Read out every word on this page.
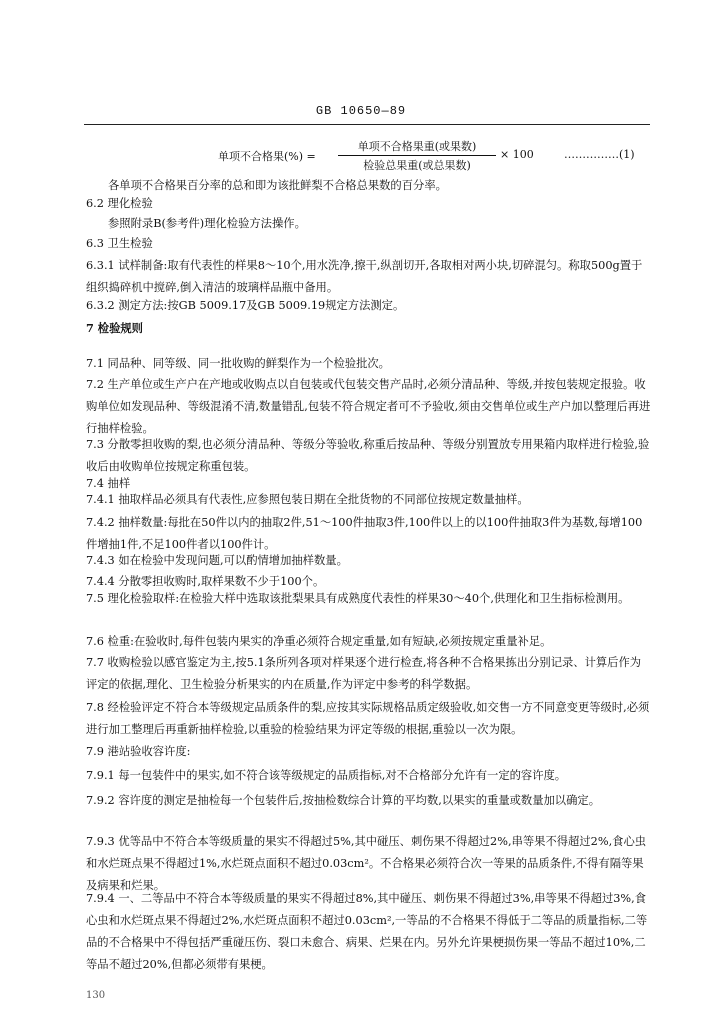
GB 10650—89
单项不合格果(%) =
单项不合格果重(或果数)
检验总果重(或总果数)
× 100	……………(1)
各单项不合格果百分率的总和即为该批鲜梨不合格总果数的百分率。
6.2 理化检验
参照附录B(参考件)理化检验方法操作。
6.3 卫生检验
6.3.1 试样制备:取有代表性的样果8～10个,用水洗净,擦干,纵剖切开,各取相对两小块,切碎混匀。称取500g置于组织捣碎机中搅碎,倒入清洁的玻璃样品瓶中备用。
6.3.2 测定方法:按GB 5009.17及GB 5009.19规定方法测定。
7 检验规则
7.1 同品种、同等级、同一批收购的鲜梨作为一个检验批次。
7.2 生产单位或生产户在产地或收购点以自包装或代包装交售产品时,必须分清品种、等级,并按包装规定报验。收购单位如发现品种、等级混淆不清,数量错乱,包装不符合规定者可不予验收,须由交售单位或生产户加以整理后再进行抽样检验。
7.3 分散零担收购的梨,也必须分清品种、等级分等验收,称重后按品种、等级分别置放专用果箱内取样进行检验,验收后由收购单位按规定称重包装。
7.4 抽样
7.4.1 抽取样品必须具有代表性,应参照包装日期在全批货物的不同部位按规定数量抽样。
7.4.2 抽样数量:每批在50件以内的抽取2件,51～100件抽取3件,100件以上的以100件抽取3件为基数,每增100件增抽1件,不足100件者以100件计。
7.4.3 如在检验中发现问题,可以酌情增加抽样数量。
7.4.4 分散零担收购时,取样果数不少于100个。
7.5 理化检验取样:在检验大样中选取该批梨果具有成熟度代表性的样果30～40个,供理化和卫生指标检测用。
7.6 检重:在验收时,每件包装内果实的净重必须符合规定重量,如有短缺,必须按规定重量补足。
7.7 收购检验以感官鉴定为主,按5.1条所列各项对样果逐个进行检查,将各种不合格果拣出分别记录、计算后作为评定的依据,理化、卫生检验分析果实的内在质量,作为评定中参考的科学数据。
7.8 经检验评定不符合本等级规定品质条件的梨,应按其实际规格品质定级验收,如交售一方不同意变更等级时,必须进行加工整理后再重新抽样检验,以重验的检验结果为评定等级的根据,重验以一次为限。
7.9 港站验收容许度:
7.9.1 每一包装件中的果实,如不符合该等级规定的品质指标,对不合格部分允许有一定的容许度。
7.9.2 容许度的测定是抽检每一个包装件后,按抽检数综合计算的平均数,以果实的重量或数量加以确定。
7.9.3 优等品中不符合本等级质量的果实不得超过5%,其中碰压、刺伤果不得超过2%,串等果不得超过2%,食心虫和水烂斑点果不得超过1%,水烂斑点面积不超过0.03cm²。不合格果必须符合次一等果的品质条件,不得有隔等果及病果和烂果。
7.9.4 一、二等品中不符合本等级质量的果实不得超过8%,其中碰压、刺伤果不得超过3%,串等果不得超过3%,食心虫和水烂斑点果不得超过2%,水烂斑点面积不超过0.03cm²,一等品的不合格果不得低于二等品的质量指标,二等品的不合格果中不得包括严重碰压伤、裂口未愈合、病果、烂果在内。另外允许果梗损伤果一等品不超过10%,二等品不超过20%,但都必须带有果梗。
130
